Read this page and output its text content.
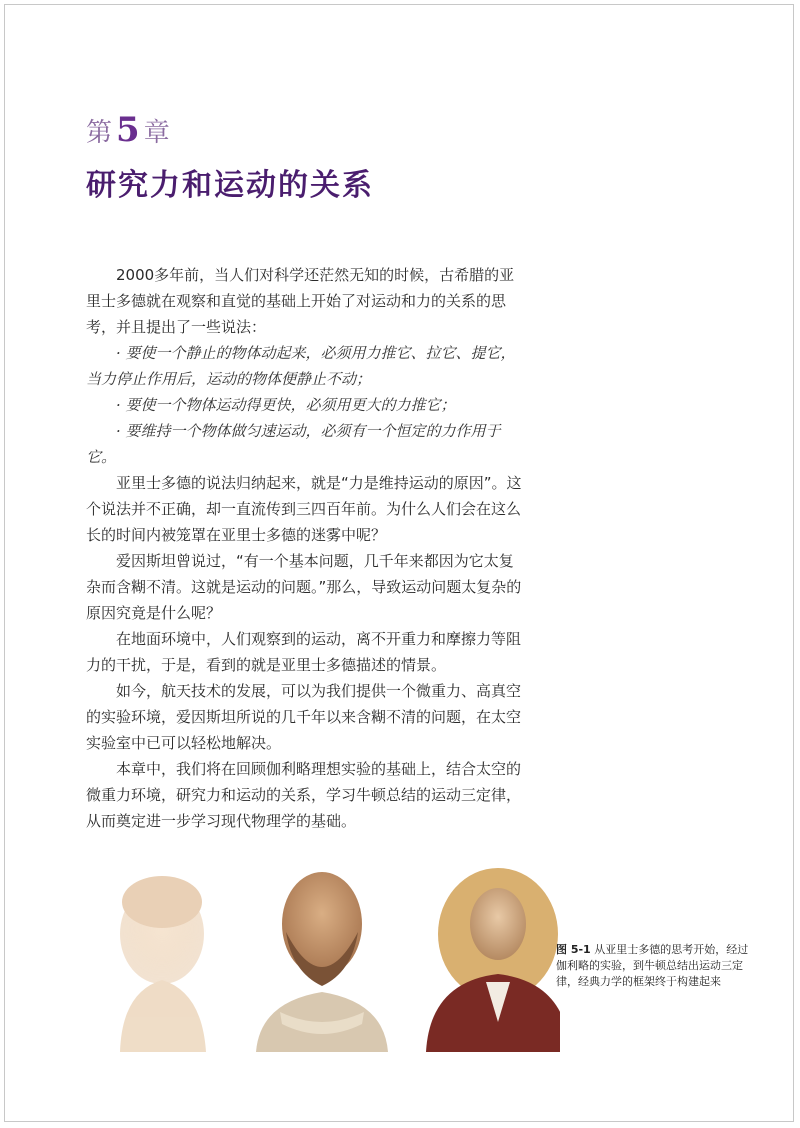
第5章
研究力和运动的关系

2000多年前，当人们对科学还茫然无知的时候，古希腊的亚里士多德就在观察和直觉的基础上开始了对运动和力的关系的思考，并且提出了一些说法：

· 要使一个静止的物体动起来，必须用力推它、拉它、提它，当力停止作用后，运动的物体便静止不动；

· 要使一个物体运动得更快，必须用更大的力推它；

· 要维持一个物体做匀速运动，必须有一个恒定的力作用于它。

亚里士多德的说法归纳起来，就是“力是维持运动的原因”。这个说法并不正确，却一直流传到三四百年前。为什么人们会在这么长的时间内被笼罩在亚里士多德的迷雾中呢？

爱因斯坦曾说过，“有一个基本问题，几千年来都因为它太复杂而含糊不清。这就是运动的问题。”那么，导致运动问题太复杂的原因究竟是什么呢？

在地面环境中，人们观察到的运动，离不开重力和摩擦力等阻力的干扰，于是，看到的就是亚里士多德描述的情景。

如今，航天技术的发展，可以为我们提供一个微重力、高真空的实验环境，爱因斯坦所说的几千年以来含糊不清的问题，在太空实验室中已可以轻松地解决。

本章中，我们将在回顾伽利略理想实验的基础上，结合太空的微重力环境，研究力和运动的关系，学习牛顿总结的运动三定律，从而奠定进一步学习现代物理学的基础。

图 5-1 从亚里士多德的思考开始，经过伽利略的实验，到牛顿总结出运动三定律，经典力学的框架终于构建起来
